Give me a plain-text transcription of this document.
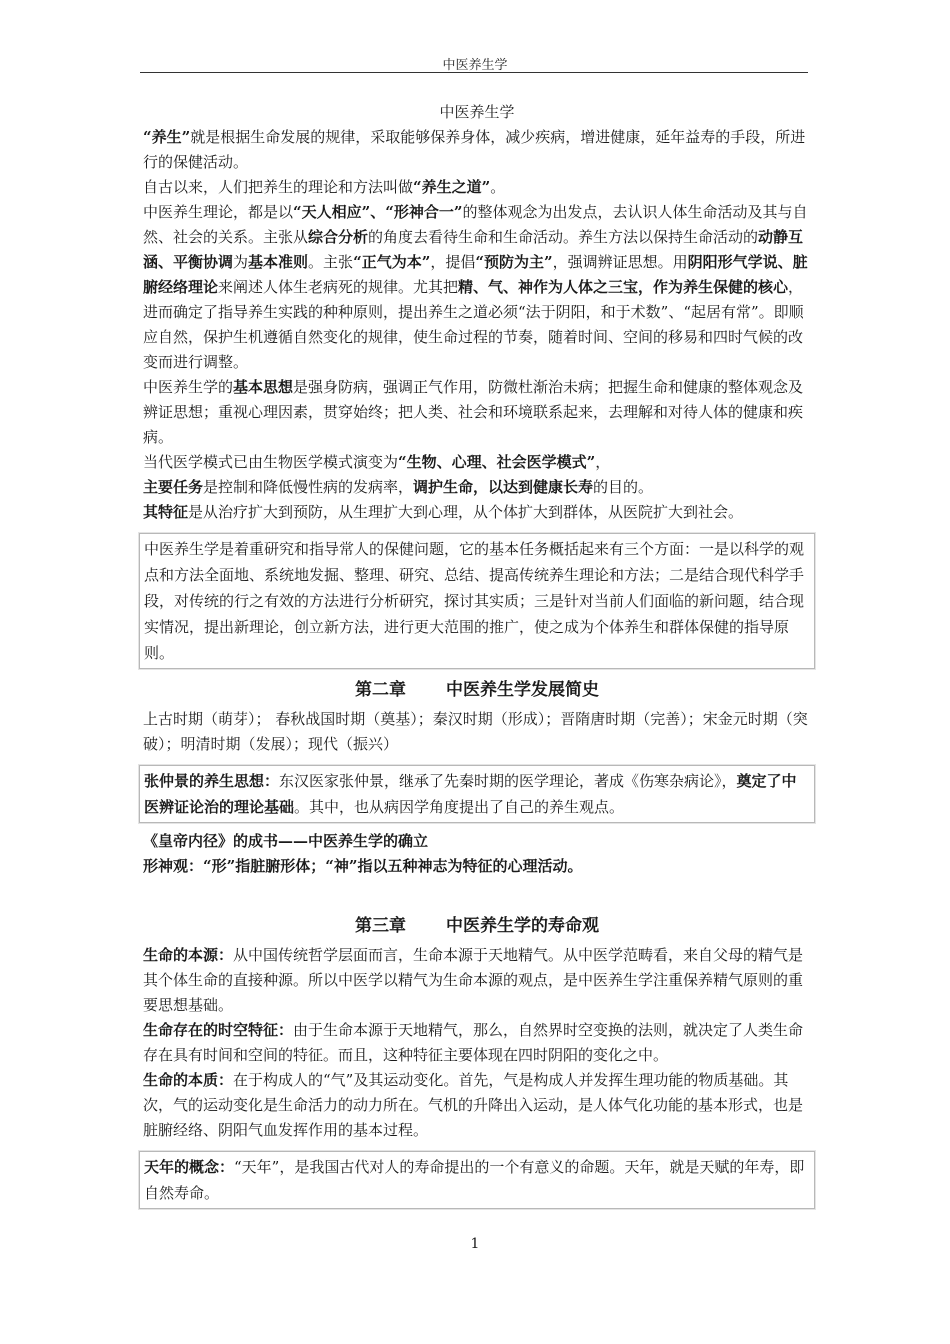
中医养生学

中医养生学

“养生”就是根据生命发展的规律，采取能够保养身体，减少疾病，增进健康，延年益寿的手段，所进行的保健活动。

自古以来，人们把养生的理论和方法叫做“养生之道”。

中医养生理论，都是以“天人相应”、“形神合一”的整体观念为出发点，去认识人体生命活动及其与自然、社会的关系。主张从综合分析的角度去看待生命和生命活动。养生方法以保持生命活动的动静互涵、平衡协调为基本准则。主张“正气为本”，提倡“预防为主”，强调辨证思想。用阴阳形气学说、脏腑经络理论来阐述人体生老病死的规律。尤其把精、气、神作为人体之三宝，作为养生保健的核心，进而确定了指导养生实践的种种原则，提出养生之道必须“法于阴阳，和于术数”、“起居有常”。即顺应自然，保护生机遵循自然变化的规律，使生命过程的节奏，随着时间、空间的移易和四时气候的改变而进行调整。

中医养生学的基本思想是强身防病，强调正气作用，防微杜渐治未病；把握生命和健康的整体观念及辨证思想；重视心理因素，贯穿始终；把人类、社会和环境联系起来，去理解和对待人体的健康和疾病。

当代医学模式已由生物医学模式演变为“生物、心理、社会医学模式”，

主要任务是控制和降低慢性病的发病率，调护生命，以达到健康长寿的目的。

其特征是从治疗扩大到预防，从生理扩大到心理，从个体扩大到群体，从医院扩大到社会。

中医养生学是着重研究和指导常人的保健问题，它的基本任务概括起来有三个方面：一是以科学的观点和方法全面地、系统地发掘、整理、研究、总结、提高传统养生理论和方法；二是结合现代科学手段，对传统的行之有效的方法进行分析研究，探讨其实质；三是针对当前人们面临的新问题，结合现实情况，提出新理论，创立新方法，进行更大范围的推广，使之成为个体养生和群体保健的指导原则。

第二章 中医养生学发展简史

上古时期（萌芽）； 春秋战国时期（奠基）；秦汉时期（形成）；晋隋唐时期（完善）；宋金元时期（突破）；明清时期（发展）；现代（振兴）

张仲景的养生思想：东汉医家张仲景，继承了先秦时期的医学理论，著成《伤寒杂病论》，奠定了中医辨证论治的理论基础。其中，也从病因学角度提出了自己的养生观点。

《皇帝内径》的成书——中医养生学的确立

形神观：“形”指脏腑形体；“神”指以五种神志为特征的心理活动。

第三章 中医养生学的寿命观

生命的本源：从中国传统哲学层面而言，生命本源于天地精气。从中医学范畴看，来自父母的精气是其个体生命的直接种源。所以中医学以精气为生命本源的观点，是中医养生学注重保养精气原则的重要思想基础。

生命存在的时空特征：由于生命本源于天地精气，那么，自然界时空变换的法则，就决定了人类生命存在具有时间和空间的特征。而且，这种特征主要体现在四时阴阳的变化之中。

生命的本质：在于构成人的“气”及其运动变化。首先，气是构成人并发挥生理功能的物质基础。其次，气的运动变化是生命活力的动力所在。气机的升降出入运动，是人体气化功能的基本形式，也是脏腑经络、阴阳气血发挥作用的基本过程。

天年的概念：“天年”，是我国古代对人的寿命提出的一个有意义的命题。天年，就是天赋的年寿，即自然寿命。

1
